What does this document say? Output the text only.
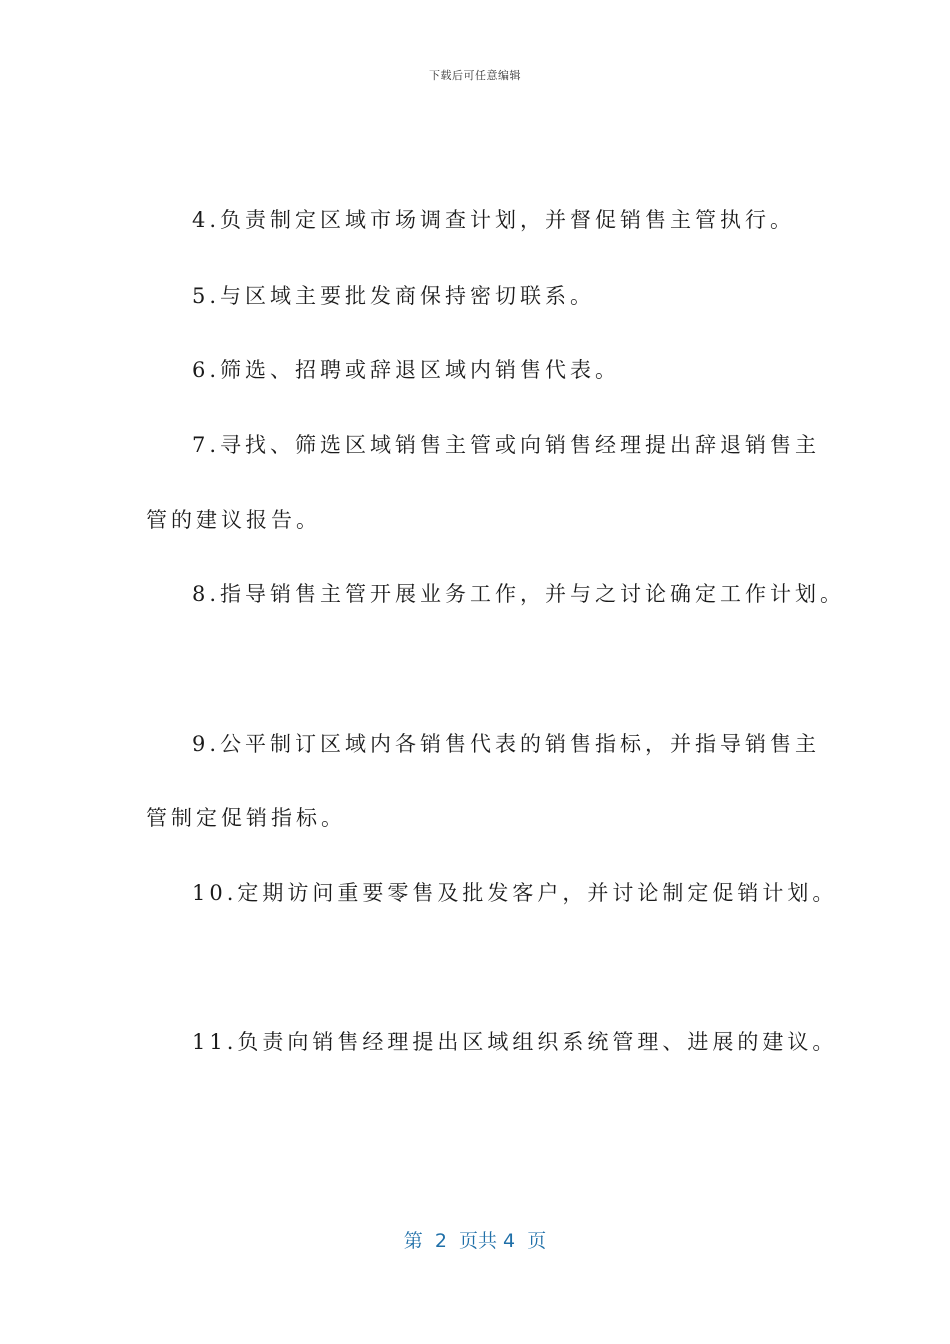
下载后可任意编辑
4.负责制定区域市场调查计划，并督促销售主管执行。
5.与区域主要批发商保持密切联系。
6.筛选、招聘或辞退区域内销售代表。
7.寻找、筛选区域销售主管或向销售经理提出辞退销售主
管的建议报告。
8.指导销售主管开展业务工作，并与之讨论确定工作计划。
9.公平制订区域内各销售代表的销售指标，并指导销售主
管制定促销指标。
10.定期访问重要零售及批发客户，并讨论制定促销计划。
11.负责向销售经理提出区域组织系统管理、进展的建议。
第  2  页共 4  页
